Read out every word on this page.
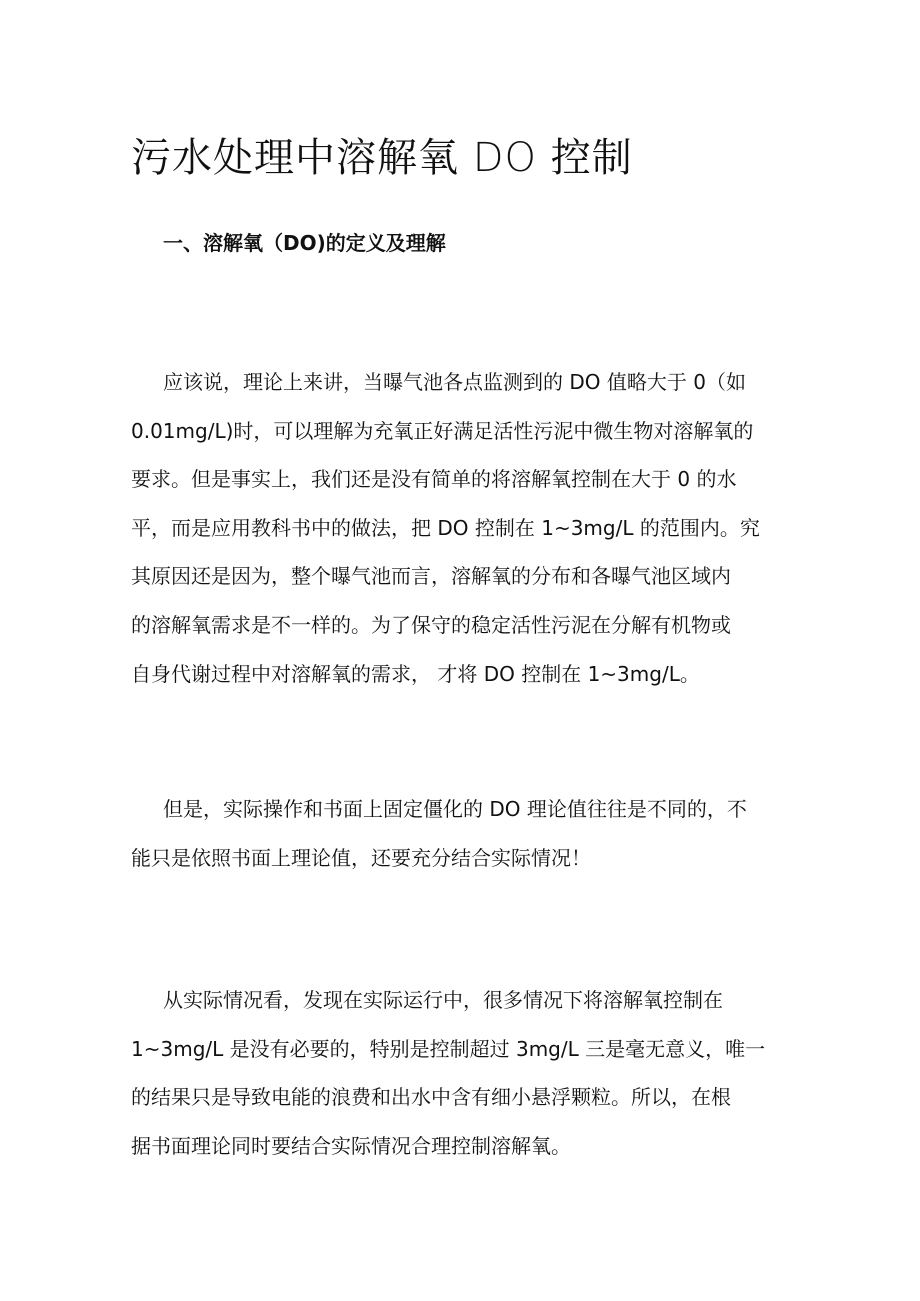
污水处理中溶解氧 DO 控制
一、溶解氧（DO)的定义及理解
应该说，理论上来讲，当曝气池各点监测到的 DO 值略大于 0（如
0.01mg/L)时，可以理解为充氧正好满足活性污泥中微生物对溶解氧的
要求。但是事实上，我们还是没有简单的将溶解氧控制在大于 0 的水
平，而是应用教科书中的做法，把 DO 控制在 1~3mg/L 的范围内。究
其原因还是因为，整个曝气池而言，溶解氧的分布和各曝气池区域内
的溶解氧需求是不一样的。为了保守的稳定活性污泥在分解有机物或
自身代谢过程中对溶解氧的需求， 才将 DO 控制在 1~3mg/L。
但是，实际操作和书面上固定僵化的 DO 理论值往往是不同的，不
能只是依照书面上理论值，还要充分结合实际情况！
从实际情况看，发现在实际运行中，很多情况下将溶解氧控制在
1~3mg/L 是没有必要的，特别是控制超过 3mg/L 三是毫无意义，唯一
的结果只是导致电能的浪费和出水中含有细小悬浮颗粒。所以，在根
据书面理论同时要结合实际情况合理控制溶解氧。
